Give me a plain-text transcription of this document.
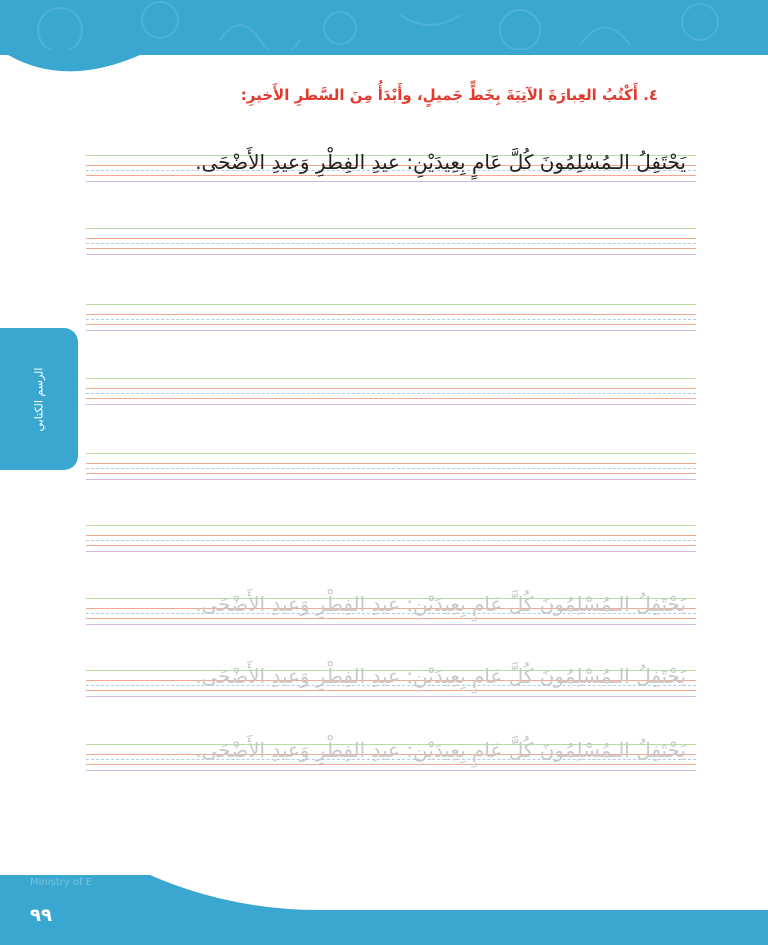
٤. أَكْتُبُ العِبارَةَ الآتِيَةَ بِخَطٍّ جَميلٍ، وأَبْدَأُ مِنَ السَّطرِ الأَخيرِ:
الرسم الكتابي
يَحْتَفِلُ الـمُسْلِمُونَ كُلَّ عَامٍ بِعِيدَيْنِ: عيدِ الفِطْرِ وَعيدِ الأَضْحَى.
يَحْتَفِلُ الـمُسْلِمُونَ كُلَّ عَامٍ بِعِيدَيْنِ: عيدِ الفِطْرِ وَعيدِ الأَضْحَى.
يَحْتَفِلُ الـمُسْلِمُونَ كُلَّ عَامٍ بِعِيدَيْنِ: عيدِ الفِطْرِ وَعيدِ الأَضْحَى.
يَحْتَفِلُ الـمُسْلِمُونَ كُلَّ عَامٍ بِعِيدَيْنِ: عيدِ الفِطْرِ وَعيدِ الأَضْحَى.
Ministry of E
٩٩
